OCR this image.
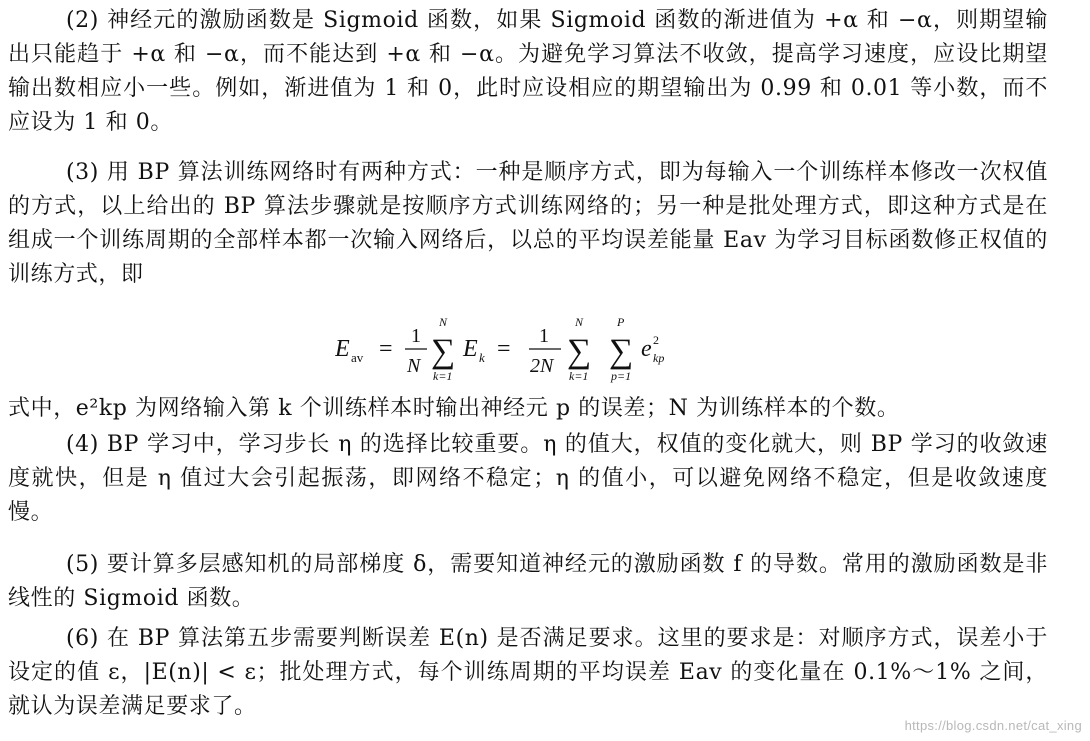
(2) 神经元的激励函数是 Sigmoid 函数，如果 Sigmoid 函数的渐进值为 +α 和 −α，则期望输出只能趋于 +α 和 −α，而不能达到 +α 和 −α。为避免学习算法不收敛，提高学习速度，应设比期望输出数相应小一些。例如，渐进值为 1 和 0，此时应设相应的期望输出为 0.99 和 0.01 等小数，而不应设为 1 和 0。

(3) 用 BP 算法训练网络时有两种方式：一种是顺序方式，即为每输入一个训练样本修改一次权值的方式，以上给出的 BP 算法步骤就是按顺序方式训练网络的；另一种是批处理方式，即这种方式是在组成一个训练周期的全部样本都一次输入网络后，以总的平均误差能量 Eav 为学习目标函数修正权值的训练方式，即

E av = 1
N
N
∑
k=1
E k = 1
2N
N
∑
k=1
P
∑
p=1
e 2
kp

式中，e²kp 为网络输入第 k 个训练样本时输出神经元 p 的误差；N 为训练样本的个数。

(4) BP 学习中，学习步长 η 的选择比较重要。η 的值大，权值的变化就大，则 BP 学习的收敛速度就快，但是 η 值过大会引起振荡，即网络不稳定；η 的值小，可以避免网络不稳定，但是收敛速度慢。

(5) 要计算多层感知机的局部梯度 δ，需要知道神经元的激励函数 f 的导数。常用的激励函数是非线性的 Sigmoid 函数。

(6) 在 BP 算法第五步需要判断误差 E(n) 是否满足要求。这里的要求是：对顺序方式，误差小于设定的值 ε，|E(n)| < ε；批处理方式，每个训练周期的平均误差 Eav 的变化量在 0.1%～1% 之间，就认为误差满足要求了。

https://blog.csdn.net/cat_xing
